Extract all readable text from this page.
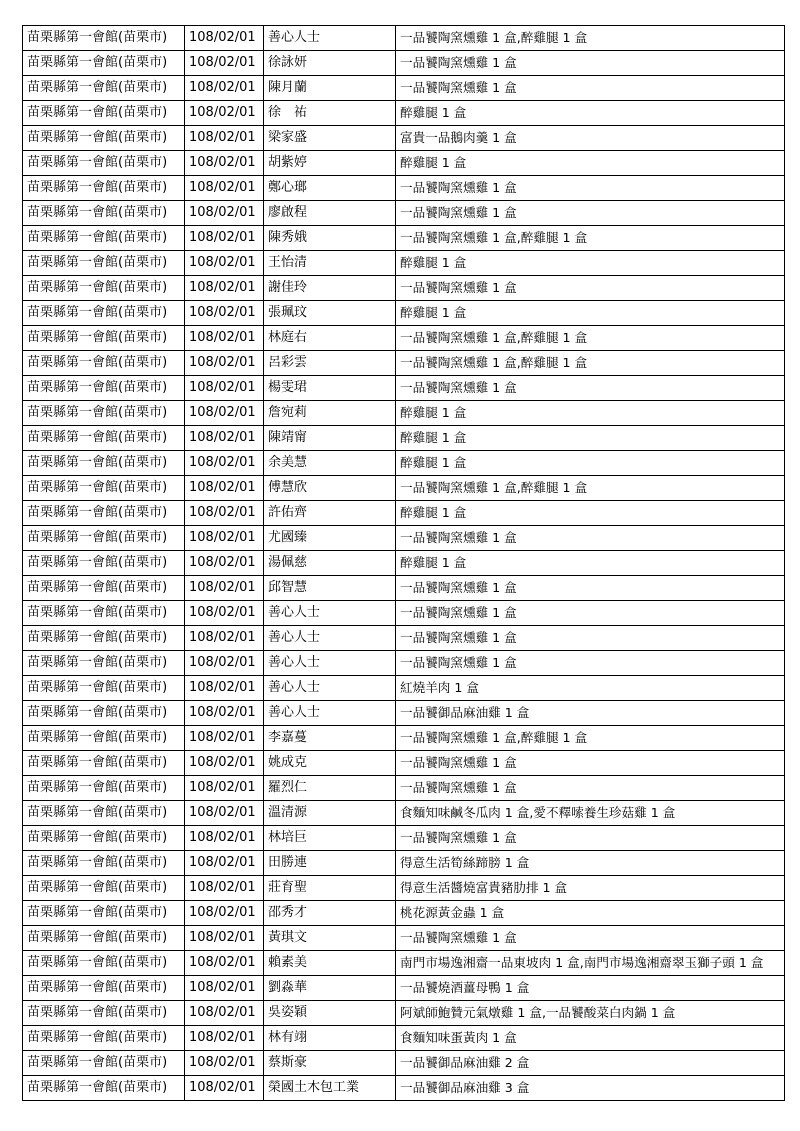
苗栗縣第一會館(苗栗市)	108/02/01	善心人士	一品饕陶窯燻雞 1 盒,醉雞腿 1 盒
苗栗縣第一會館(苗栗市)	108/02/01	徐詠妍	一品饕陶窯燻雞 1 盒
苗栗縣第一會館(苗栗市)	108/02/01	陳月蘭	一品饕陶窯燻雞 1 盒
苗栗縣第一會館(苗栗市)	108/02/01	徐　祐	醉雞腿 1 盒
苗栗縣第一會館(苗栗市)	108/02/01	梁家盛	富貴一品鵝肉羹 1 盒
苗栗縣第一會館(苗栗市)	108/02/01	胡紫婷	醉雞腿 1 盒
苗栗縣第一會館(苗栗市)	108/02/01	鄭心瑯	一品饕陶窯燻雞 1 盒
苗栗縣第一會館(苗栗市)	108/02/01	廖啟程	一品饕陶窯燻雞 1 盒
苗栗縣第一會館(苗栗市)	108/02/01	陳秀娥	一品饕陶窯燻雞 1 盒,醉雞腿 1 盒
苗栗縣第一會館(苗栗市)	108/02/01	王怡清	醉雞腿 1 盒
苗栗縣第一會館(苗栗市)	108/02/01	謝佳玲	一品饕陶窯燻雞 1 盒
苗栗縣第一會館(苗栗市)	108/02/01	張珮玟	醉雞腿 1 盒
苗栗縣第一會館(苗栗市)	108/02/01	林庭右	一品饕陶窯燻雞 1 盒,醉雞腿 1 盒
苗栗縣第一會館(苗栗市)	108/02/01	呂彩雲	一品饕陶窯燻雞 1 盒,醉雞腿 1 盒
苗栗縣第一會館(苗栗市)	108/02/01	楊雯珺	一品饕陶窯燻雞 1 盒
苗栗縣第一會館(苗栗市)	108/02/01	詹宛莉	醉雞腿 1 盒
苗栗縣第一會館(苗栗市)	108/02/01	陳靖甯	醉雞腿 1 盒
苗栗縣第一會館(苗栗市)	108/02/01	余美慧	醉雞腿 1 盒
苗栗縣第一會館(苗栗市)	108/02/01	傅慧欣	一品饕陶窯燻雞 1 盒,醉雞腿 1 盒
苗栗縣第一會館(苗栗市)	108/02/01	許佑齊	醉雞腿 1 盒
苗栗縣第一會館(苗栗市)	108/02/01	尤國臻	一品饕陶窯燻雞 1 盒
苗栗縣第一會館(苗栗市)	108/02/01	湯佩慈	醉雞腿 1 盒
苗栗縣第一會館(苗栗市)	108/02/01	邱智慧	一品饕陶窯燻雞 1 盒
苗栗縣第一會館(苗栗市)	108/02/01	善心人士	一品饕陶窯燻雞 1 盒
苗栗縣第一會館(苗栗市)	108/02/01	善心人士	一品饕陶窯燻雞 1 盒
苗栗縣第一會館(苗栗市)	108/02/01	善心人士	一品饕陶窯燻雞 1 盒
苗栗縣第一會館(苗栗市)	108/02/01	善心人士	紅燒羊肉 1 盒
苗栗縣第一會館(苗栗市)	108/02/01	善心人士	一品饕御品麻油雞 1 盒
苗栗縣第一會館(苗栗市)	108/02/01	李嘉蔓	一品饕陶窯燻雞 1 盒,醉雞腿 1 盒
苗栗縣第一會館(苗栗市)	108/02/01	姚成克	一品饕陶窯燻雞 1 盒
苗栗縣第一會館(苗栗市)	108/02/01	羅烈仁	一品饕陶窯燻雞 1 盒
苗栗縣第一會館(苗栗市)	108/02/01	溫清源	食麵知味鹹冬瓜肉 1 盒,愛不釋嗦養生珍菇雞 1 盒
苗栗縣第一會館(苗栗市)	108/02/01	林培巨	一品饕陶窯燻雞 1 盒
苗栗縣第一會館(苗栗市)	108/02/01	田勝連	得意生活筍絲蹄膀 1 盒
苗栗縣第一會館(苗栗市)	108/02/01	莊育聖	得意生活醬燒富貴豬肋排 1 盒
苗栗縣第一會館(苗栗市)	108/02/01	邵秀才	桃花源黃金蟲 1 盒
苗栗縣第一會館(苗栗市)	108/02/01	黃琪文	一品饕陶窯燻雞 1 盒
苗栗縣第一會館(苗栗市)	108/02/01	賴素美	南門市場逸湘齋一品東坡肉 1 盒,南門市場逸湘齋翠玉獅子頭 1 盒
苗栗縣第一會館(苗栗市)	108/02/01	劉淼華	一品饕燒酒薑母鴨 1 盒
苗栗縣第一會館(苗栗市)	108/02/01	吳姿穎	阿斌師鮑贊元氣燉雞 1 盒,一品饕酸菜白肉鍋 1 盒
苗栗縣第一會館(苗栗市)	108/02/01	林有翊	食麵知味蛋黃肉 1 盒
苗栗縣第一會館(苗栗市)	108/02/01	蔡斯豪	一品饕御品麻油雞 2 盒
苗栗縣第一會館(苗栗市)	108/02/01	榮國土木包工業	一品饕御品麻油雞 3 盒
